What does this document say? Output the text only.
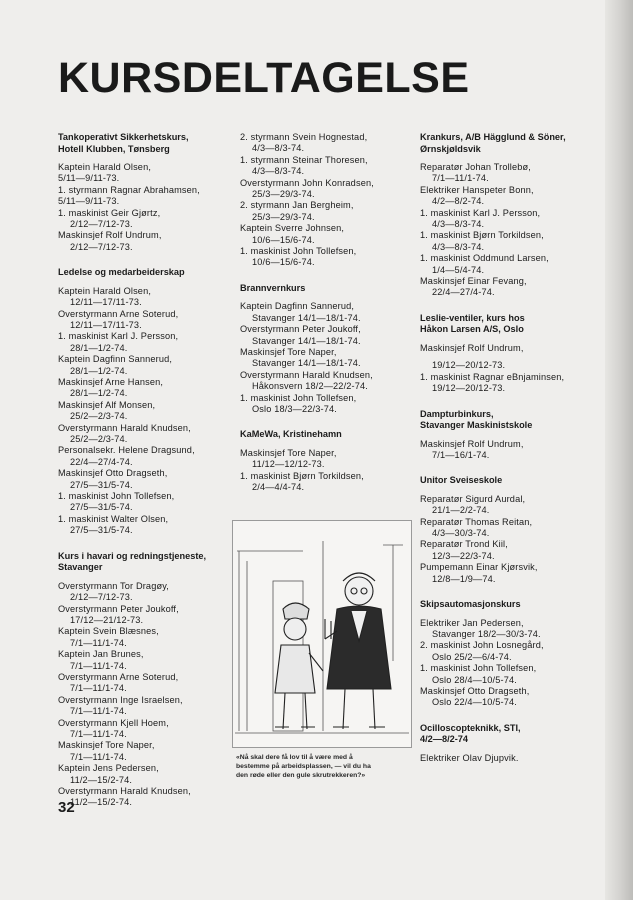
KURSDELTAGELSE
Tankoperativt Sikkerhetskurs,
Hotell Klubben, Tønsberg
Kaptein Harald Olsen,
5/11—9/11-73.
1. styrmann Ragnar Abrahamsen,
5/11—9/11-73.
1. maskinist Geir Gjørtz,
2/12—7/12-73.
Maskinsjef Rolf Undrum,
2/12—7/12-73.
Ledelse og medarbeiderskap
Kaptein Harald Olsen,
12/11—17/11-73.
Overstyrmann Arne Soterud,
12/11—17/11-73.
1. maskinist Karl J. Persson,
28/1—1/2-74.
Kaptein Dagfinn Sannerud,
28/1—1/2-74.
Maskinsjef Arne Hansen,
28/1—1/2-74.
Maskinsjef Alf Monsen,
25/2—2/3-74.
Overstyrmann Harald Knudsen,
25/2—2/3-74.
Personalsekr. Helene Dragsund,
22/4—27/4-74.
Maskinsjef Otto Dragseth,
27/5—31/5-74.
1. maskinist John Tollefsen,
27/5—31/5-74.
1. maskinist Walter Olsen,
27/5—31/5-74.
Kurs i havari og redningstjeneste,
Stavanger
Overstyrmann Tor Dragøy,
2/12—7/12-73.
Overstyrmann Peter Joukoff,
17/12—21/12-73.
Kaptein Svein Blæsnes,
7/1—11/1-74.
Kaptein Jan Brunes,
7/1—11/1-74.
Overstyrmann Arne Soterud,
7/1—11/1-74.
Overstyrmann Inge Israelsen,
7/1—11/1-74.
Overstyrmann Kjell Hoem,
7/1—11/1-74.
Maskinsjef Tore Naper,
7/1—11/1-74.
Kaptein Jens Pedersen,
11/2—15/2-74.
Overstyrmann Harald Knudsen,
11/2—15/2-74.
2. styrmann Svein Hognestad,
4/3—8/3-74.
1. styrmann Steinar Thoresen,
4/3—8/3-74.
Overstyrmann John Konradsen,
25/3—29/3-74.
2. styrmann Jan Bergheim,
25/3—29/3-74.
Kaptein Sverre Johnsen,
10/6—15/6-74.
1. maskinist John Tollefsen,
10/6—15/6-74.
Brannvernkurs
Kaptein Dagfinn Sannerud,
Stavanger 14/1—18/1-74.
Overstyrmann Peter Joukoff,
Stavanger 14/1—18/1-74.
Maskinsjef Tore Naper,
Stavanger 14/1—18/1-74.
Overstyrmann Harald Knudsen,
Håkonsvern 18/2—22/2-74.
1. maskinist John Tollefsen,
Oslo 18/3—22/3-74.
KaMeWa, Kristinehamn
Maskinsjef Tore Naper,
11/12—12/12-73.
1. maskinist Bjørn Torkildsen,
2/4—4/4-74.
Krankurs, A/B Hägglund & Söner,
Ørnskjøldsvik
Reparatør Johan Trollebø,
7/1—11/1-74.
Elektriker Hanspeter Bonn,
4/2—8/2-74.
1. maskinist Karl J. Persson,
4/3—8/3-74.
1. maskinist Bjørn Torkildsen,
4/3—8/3-74.
1. maskinist Oddmund Larsen,
1/4—5/4-74.
Maskinsjef Einar Fevang,
22/4—27/4-74.
Leslie-ventiler, kurs hos
Håkon Larsen A/S, Oslo
Maskinsjef Rolf Undrum,
19/12—20/12-73.
1. maskinist Ragnar eBnjaminsen,
19/12—20/12-73.
Dampturbinkurs,
Stavanger Maskinistskole
Maskinsjef Rolf Undrum,
7/1—16/1-74.
Unitor Sveiseskole
Reparatør Sigurd Aurdal,
21/1—2/2-74.
Reparatør Thomas Reitan,
4/3—30/3-74.
Reparatør Trond Kiil,
12/3—22/3-74.
Pumpemann Einar Kjørsvik,
12/8—1/9—74.
Skipsautomasjonskurs
Elektriker Jan Pedersen,
Stavanger 18/2—30/3-74.
2. maskinist John Losnegård,
Oslo 25/2—6/4-74.
1. maskinist John Tollefsen,
Oslo 28/4—10/5-74.
Maskinsjef Otto Dragseth,
Oslo 22/4—10/5-74.
Ocilloscopteknikk, STI,
4/2—8/2-74
Elektriker Olav Djupvik.
«Nå skal dere få lov til å være med å
bestemme på arbeidsplassen, — vil du ha
den røde eller den gule skrutrekkeren?»
32
